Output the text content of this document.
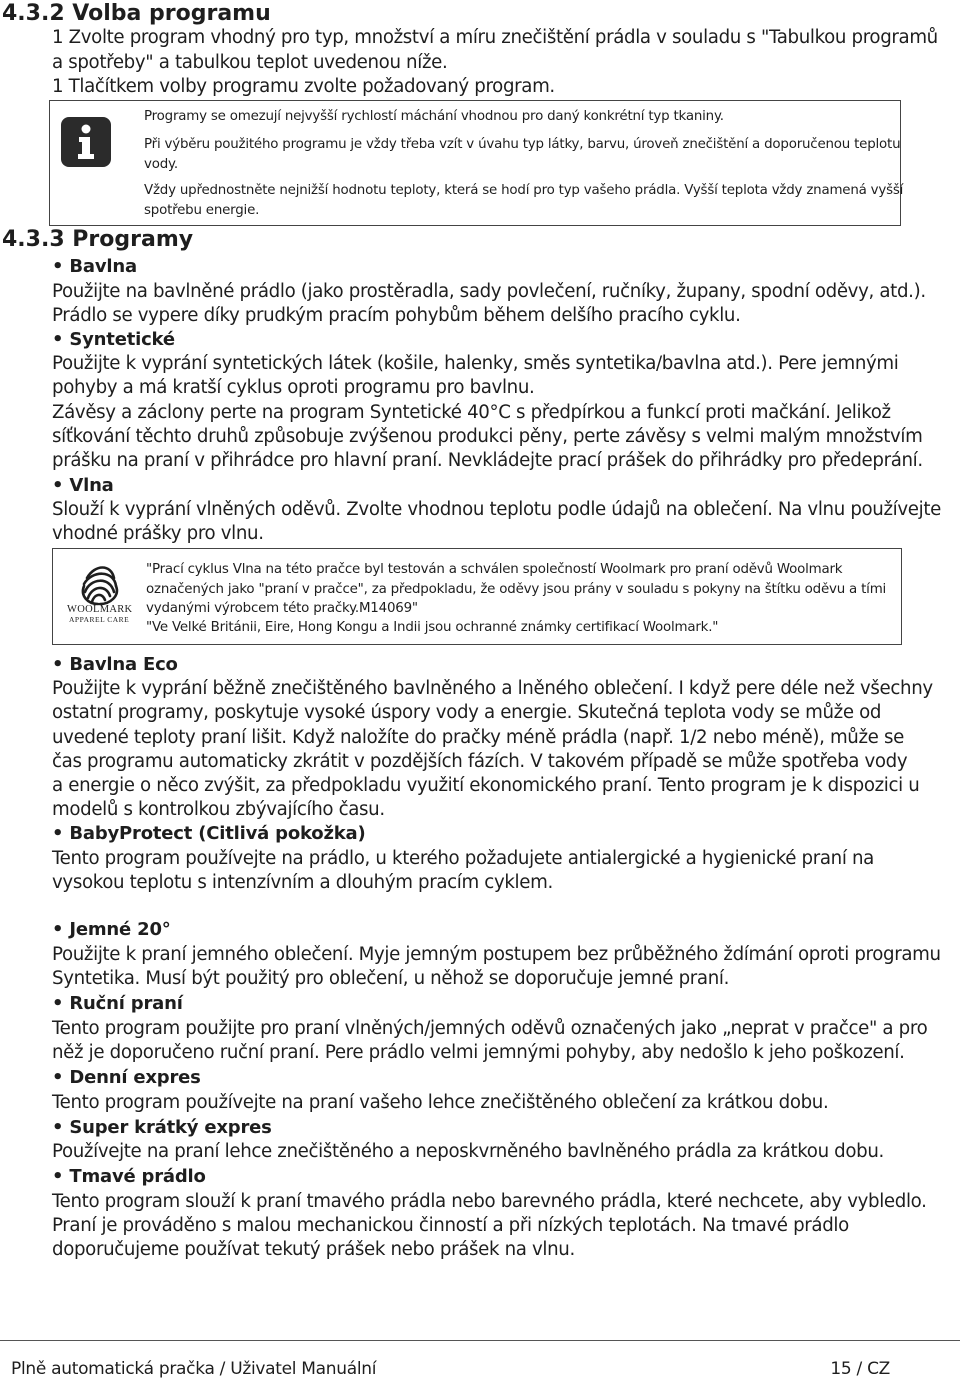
4.3.2 Volba programu
1 Zvolte program vhodný pro typ, množství a míru znečištění prádla v souladu s "Tabulkou programů
a spotřeby" a tabulkou teplot uvedenou níže.
1 Tlačítkem volby programu zvolte požadovaný program.
Programy se omezují nejvyšší rychlostí máchání vhodnou pro daný konkrétní typ tkaniny.
Při výběru použitého programu je vždy třeba vzít v úvahu typ látky, barvu, úroveň znečištění a doporučenou teplotu
vody.
Vždy upřednostněte nejnižší hodnotu teploty, která se hodí pro typ vašeho prádla. Vyšší teplota vždy znamená vyšší
spotřebu energie.
4.3.3 Programy
• Bavlna
Použijte na bavlněné prádlo (jako prostěradla, sady povlečení, ručníky, župany, spodní oděvy, atd.).
Prádlo se vypere díky prudkým pracím pohybům během delšího pracího cyklu.
• Syntetické
Použijte k vyprání syntetických látek (košile, halenky, směs syntetika/bavlna atd.). Pere jemnými
pohyby a má kratší cyklus oproti programu pro bavlnu.
Závěsy a záclony perte na program Syntetické 40°C s předpírkou a funkcí proti mačkání. Jelikož
síťkování těchto druhů způsobuje zvýšenou produkci pěny, perte závěsy s velmi malým množstvím
prášku na praní v přihrádce pro hlavní praní. Nevkládejte prací prášek do přihrádky pro předeprání.
• Vlna
Slouží k vyprání vlněných oděvů. Zvolte vhodnou teplotu podle údajů na oblečení. Na vlnu používejte
vhodné prášky pro vlnu.
WOOLMARK
APPAREL CARE
"Prací cyklus Vlna na této pračce byl testován a schválen společností Woolmark pro praní oděvů Woolmark
označených jako "praní v pračce", za předpokladu, že oděvy jsou prány v souladu s pokyny na štítku oděvu a tími
vydanými výrobcem této pračky.M14069"
"Ve Velké Británii, Eire, Hong Kongu a Indii jsou ochranné známky certifikací Woolmark."
• Bavlna Eco
Použijte k vyprání běžně znečištěného bavlněného a lněného oblečení. I když pere déle než všechny
ostatní programy, poskytuje vysoké úspory vody a energie. Skutečná teplota vody se může od
uvedené teploty praní lišit. Když naložíte do pračky méně prádla (např. 1/2 nebo méně), může se
čas programu automaticky zkrátit v pozdějších fázích. V takovém případě se může spotřeba vody
a energie o něco zvýšit, za předpokladu využití ekonomického praní. Tento program je k dispozici u
modelů s kontrolkou zbývajícího času.
• BabyProtect (Citlivá pokožka)
Tento program používejte na prádlo, u kterého požadujete antialergické a hygienické praní na
vysokou teplotu s intenzívním a dlouhým pracím cyklem.
• Jemné 20°
Použijte k praní jemného oblečení. Myje jemným postupem bez průběžného ždímání oproti programu
Syntetika. Musí být použitý pro oblečení, u něhož se doporučuje jemné praní.
• Ruční praní
Tento program použijte pro praní vlněných/jemných oděvů označených jako „neprat v pračce" a pro
něž je doporučeno ruční praní. Pere prádlo velmi jemnými pohyby, aby nedošlo k jeho poškození.
• Denní expres
Tento program používejte na praní vašeho lehce znečištěného oblečení za krátkou dobu.
• Super krátký expres
Používejte na praní lehce znečištěného a neposkvrněného bavlněného prádla za krátkou dobu.
• Tmavé prádlo
Tento program slouží k praní tmavého prádla nebo barevného prádla, které nechcete, aby vybledlo.
Praní je prováděno s malou mechanickou činností a při nízkých teplotách. Na tmavé prádlo
doporučujeme používat tekutý prášek nebo prášek na vlnu.
Plně automatická pračka / Uživatel Manuální	15 / CZ
